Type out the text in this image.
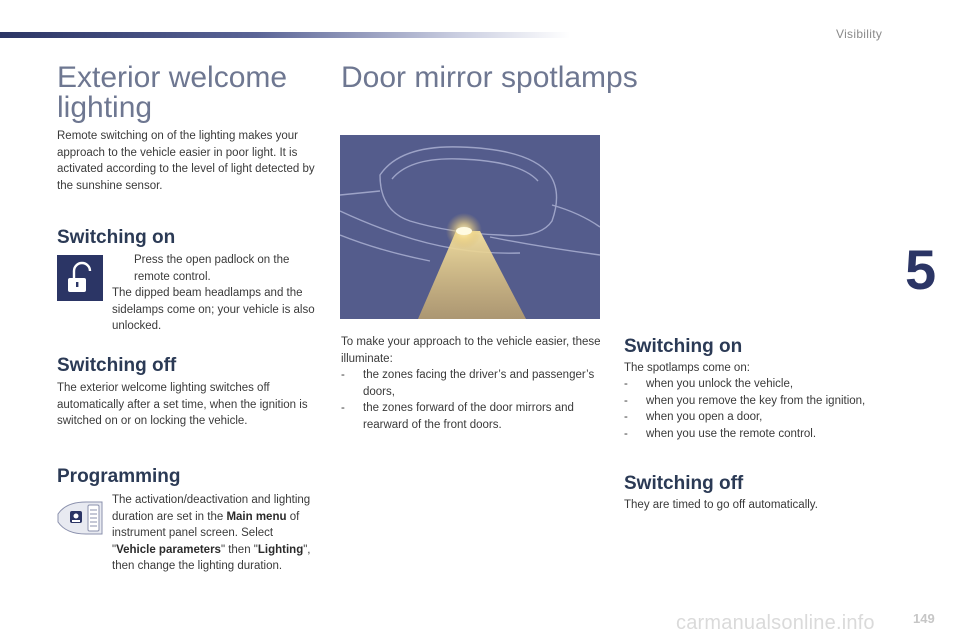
Visibility
5
Exterior welcome
lighting

Remote switching on of the lighting makes your approach to the vehicle easier in poor light. It is activated according to the level of light detected by the sunshine sensor.

Switching on
Press the open padlock on the remote control.

The dipped beam headlamps and the sidelamps come on; your vehicle is also unlocked.

Switching off

The exterior welcome lighting switches off automatically after a set time, when the ignition is switched on or on locking the vehicle.

Programming

The activation/deactivation and lighting duration are set in the Main menu of instrument panel screen. Select "Vehicle parameters" then "Lighting", then change the lighting duration.

Door mirror spotlamps

To make your approach to the vehicle easier, these illuminate:

- the zones facing the driver’s and passenger’s doors,
- the zones forward of the door mirrors and rearward of the front doors.
Switching on

The spotlamps come on:

- when you unlock the vehicle,
- when you remove the key from the ignition,
- when you open a door,
- when you use the remote control.
Switching off

They are timed to go off automatically.

carmanualsonline.info	149
